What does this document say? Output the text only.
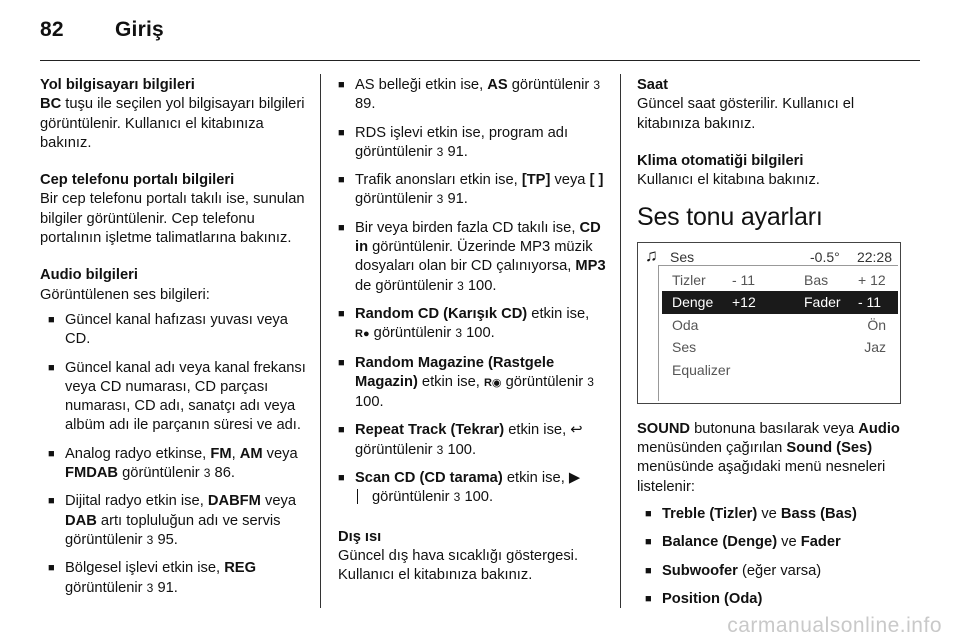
82 Giriş

Yol bilgisayarı bilgileri
BC tuşu ile seçilen yol bilgisayarı bilgileri görüntülenir. Kullanıcı el kitabınıza bakınız.

Cep telefonu portalı bilgileri
Bir cep telefonu portalı takılı ise, sunulan bilgiler görüntülenir. Cep telefonu portalının işletme talimatlarına bakınız.

Audio bilgileri
Görüntülenen ses bilgileri:
■ Güncel kanal hafızası yuvası veya CD.
■ Güncel kanal adı veya kanal frekansı veya CD numarası, CD parçası numarası, CD adı, sanatçı adı veya albüm adı ile parçanın süresi ve adı.
■ Analog radyo etkinse, FM, AM veya FMDAB görüntülenir 3 86.
■ Dijital radyo etkin ise, DABFM veya DAB artı topluluğun adı ve servis görüntülenir 3 95.
■ Bölgesel işlevi etkin ise, REG görüntülenir 3 91.
■ AS belleği etkin ise, AS görüntülenir 3 89.
■ RDS işlevi etkin ise, program adı görüntülenir 3 91.
■ Trafik anonsları etkin ise, [TP] veya [ ] görüntülenir 3 91.
■ Bir veya birden fazla CD takılı ise, CD in görüntülenir. Üzerinde MP3 müzik dosyaları olan bir CD çalınıyorsa, MP3 de görüntülenir 3 100.
■ Random CD (Karışık CD) etkin ise, R● görüntülenir 3 100.
■ Random Magazine (Rastgele Magazin) etkin ise, R◉ görüntülenir 3 100.
■ Repeat Track (Tekrar) etkin ise, ↩ görüntülenir 3 100.
■ Scan CD (CD tarama) etkin ise, ▶
görüntülenir 3 100.

Dış ısı
Güncel dış hava sıcaklığı göstergesi. Kullanıcı el kitabınıza bakınız.

Saat
Güncel saat gösterilir. Kullanıcı el kitabınıza bakınız.

Klima otomatiği bilgileri
Kullanıcı el kitabına bakınız.

Ses tonu ayarları
♫ Ses	-0.5° 22:28
Tizler - 11	Bas + 12
Denge +12	Fader - 11
Oda	Ön
Ses	Jaz
Equalizer

SOUND butonuna basılarak veya Audio menüsünden çağırılan Sound (Ses) menüsünde aşağıdaki menü nesneleri listelenir:

■ Treble (Tizler) ve Bass (Bas)
■ Balance (Denge) ve Fader
■ Subwoofer (eğer varsa)
■ Position (Oda)
carmanualsonline.info
